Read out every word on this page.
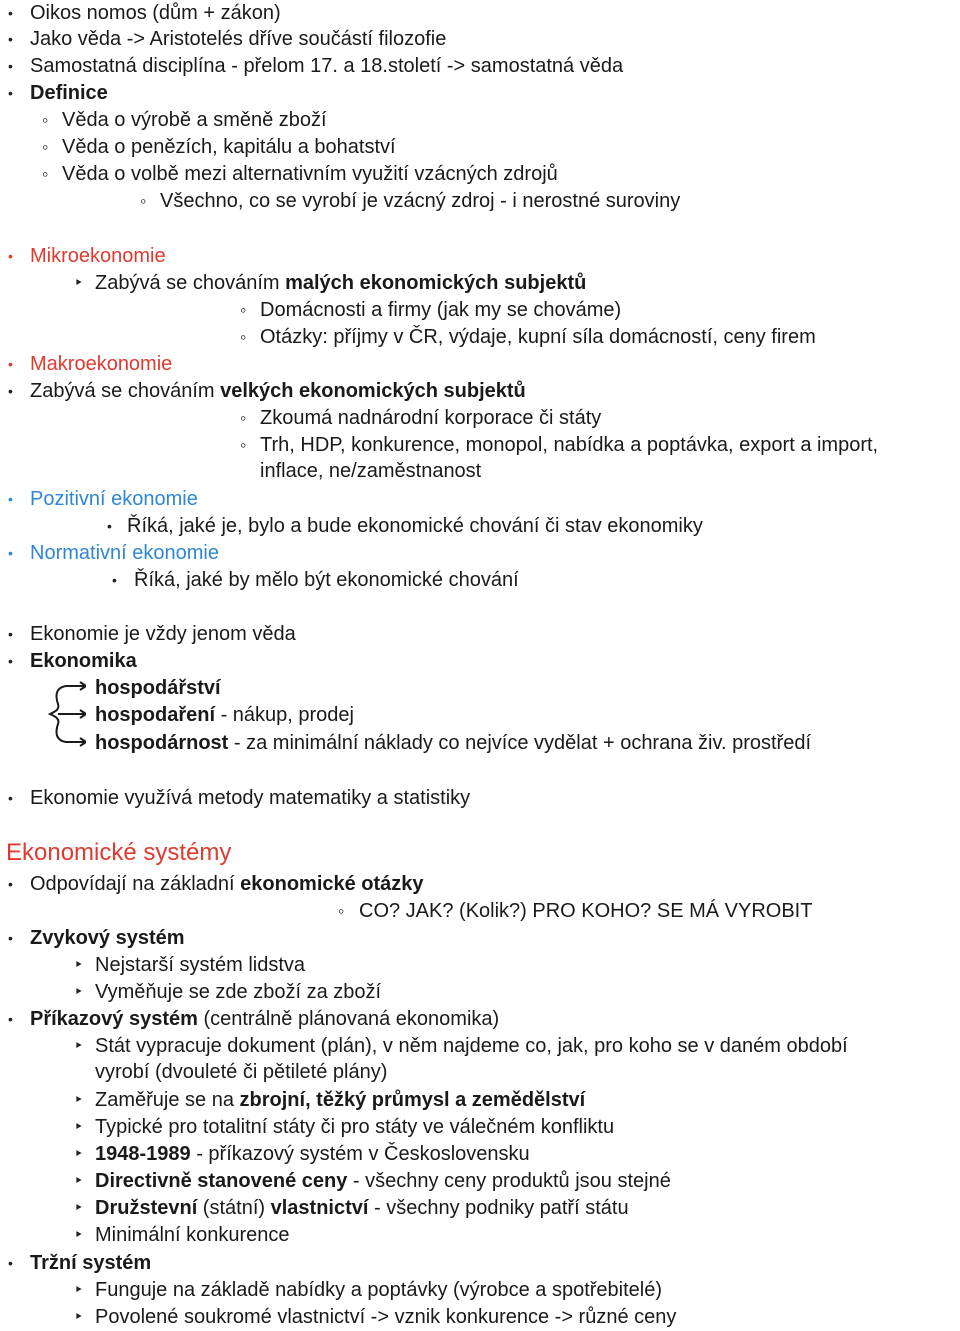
•
Oikos nomos (dům + zákon)
•
Jako věda -> Aristotelés dříve součástí filozofie
•
Samostatná disciplína - přelom 17. a 18.století -> samostatná věda
•
Definice
◦
Věda o výrobě a směně zboží
◦
Věda o penězích, kapitálu a bohatství
◦
Věda o volbě mezi alternativním využití vzácných zdrojů
◦
Všechno, co se vyrobí je vzácný zdroj - i nerostné suroviny
•
Mikroekonomie
‣
Zabývá se chováním malých ekonomických subjektů
◦
Domácnosti a firmy (jak my se chováme)
◦
Otázky: příjmy v ČR, výdaje, kupní síla domácností, ceny firem
•
Makroekonomie
•
Zabývá se chováním velkých ekonomických subjektů
◦
Zkoumá nadnárodní korporace či státy
◦
Trh, HDP, konkurence, monopol, nabídka a poptávka, export a import,
inflace, ne/zaměstnanost
•
Pozitivní ekonomie
•
Říká, jaké je, bylo a bude ekonomické chování či stav ekonomiky
•
Normativní ekonomie
•
Říká, jaké by mělo být ekonomické chování
•
Ekonomie je vždy jenom věda
•
Ekonomika
hospodářství
hospodaření - nákup, prodej
hospodárnost - za minimální náklady co nejvíce vydělat + ochrana živ. prostředí
•
Ekonomie využívá metody matematiky a statistiky
Ekonomické systémy
•
Odpovídají na základní ekonomické otázky
◦
CO? JAK? (Kolik?) PRO KOHO? SE MÁ VYROBIT
•
Zvykový systém
‣
Nejstarší systém lidstva
‣
Vyměňuje se zde zboží za zboží
•
Příkazový systém (centrálně plánovaná ekonomika)
‣
Stát vypracuje dokument (plán), v něm najdeme co, jak, pro koho se v daném období
vyrobí (dvouleté či pětileté plány)
‣
Zaměřuje se na zbrojní, těžký průmysl a zemědělství
‣
Typické pro totalitní státy či pro státy ve válečném konfliktu
‣
1948-1989 - příkazový systém v Československu
‣
Directivně stanovené ceny - všechny ceny produktů jsou stejné
‣
Družstevní (státní) vlastnictví - všechny podniky patří státu
‣
Minimální konkurence
•
Tržní systém
‣
Funguje na základě nabídky a poptávky (výrobce a spotřebitelé)
‣
Povolené soukromé vlastnictví -> vznik konkurence -> různé ceny
